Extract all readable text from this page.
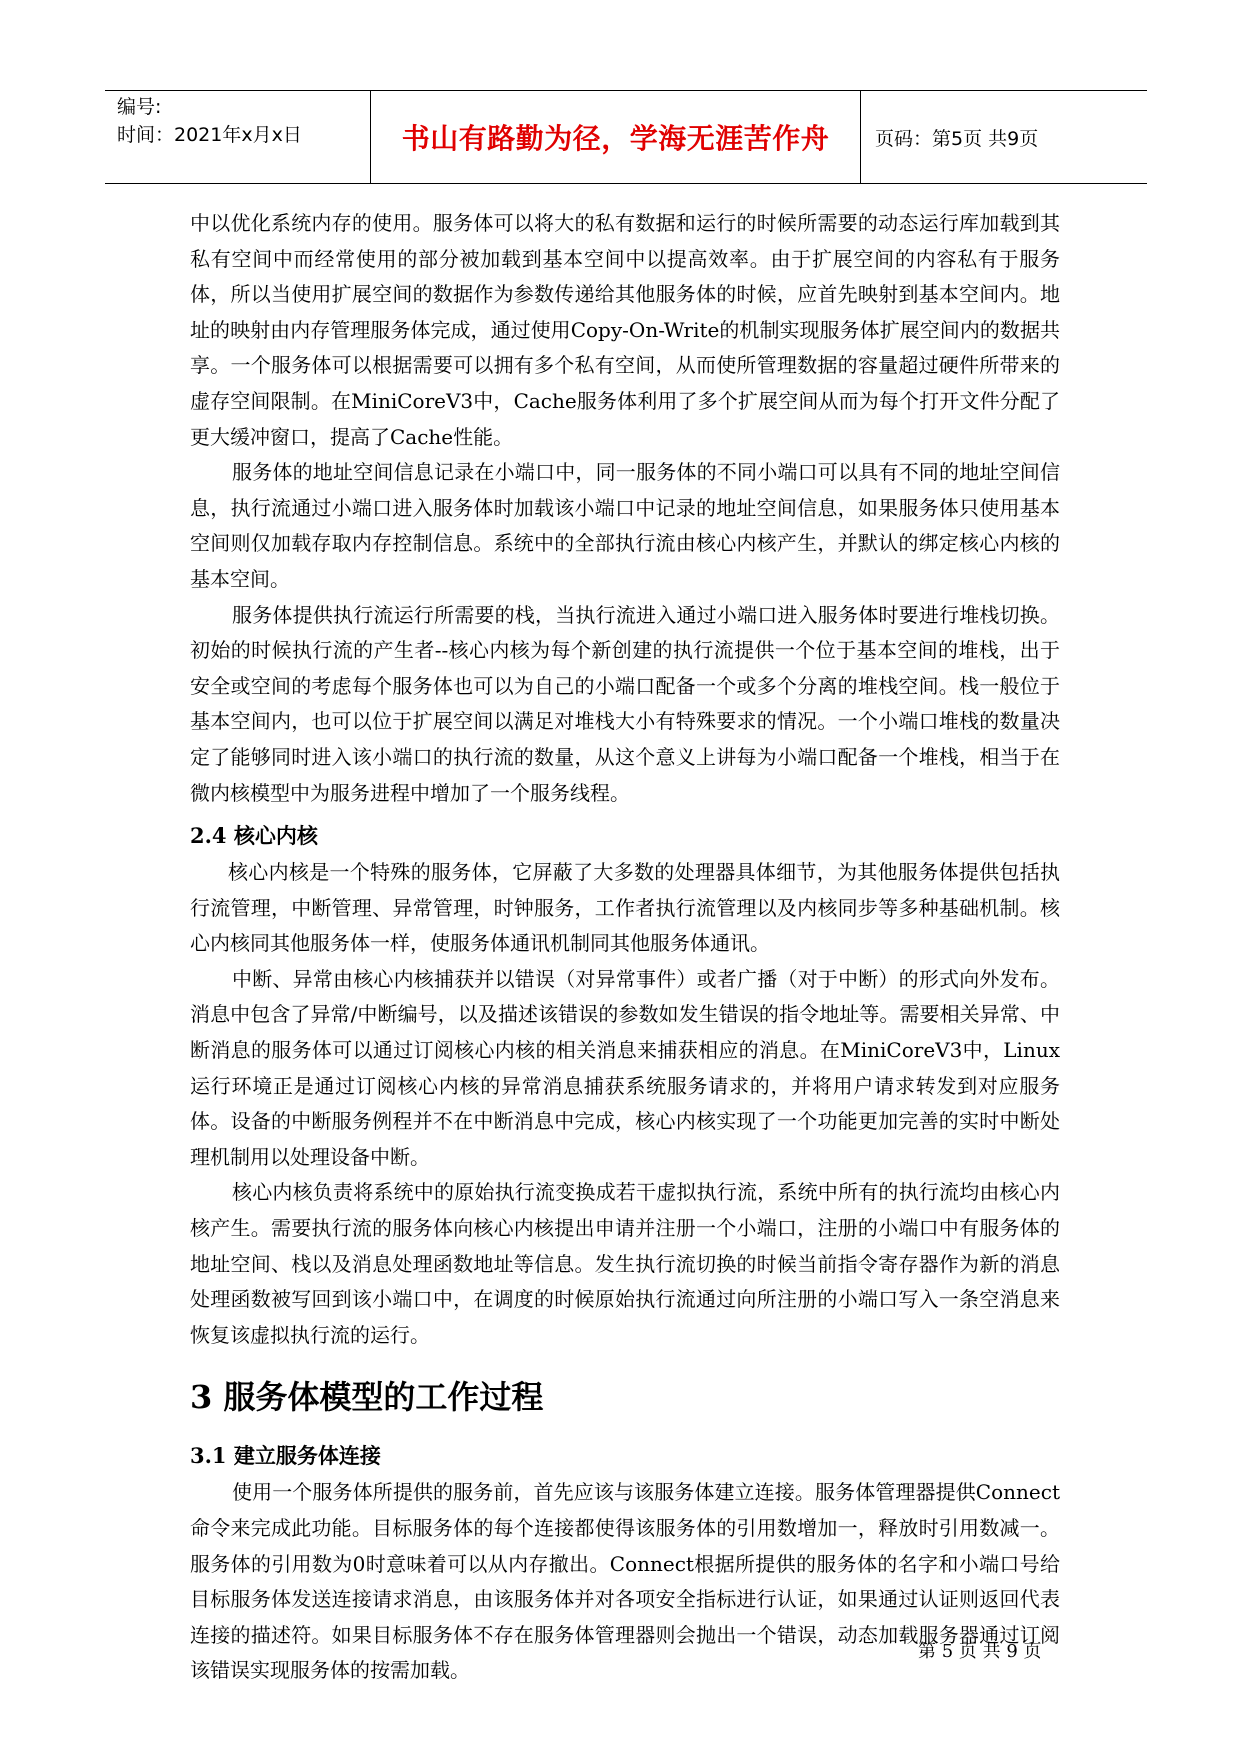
编号:
时间：2021年x月x日	书山有路勤为径，学海无涯苦作舟 页码：第5页 共9页

中以优化系统内存的使用。服务体可以将大的私有数据和运行的时候所需要的动态运行库加载到其私有空间中而经常使用的部分被加载到基本空间中以提高效率。由于扩展空间的内容私有于服务体，所以当使用扩展空间的数据作为参数传递给其他服务体的时候，应首先映射到基本空间内。地址的映射由内存管理服务体完成，通过使用Copy-On-Write的机制实现服务体扩展空间内的数据共享。一个服务体可以根据需要可以拥有多个私有空间，从而使所管理数据的容量超过硬件所带来的虚存空间限制。在MiniCoreV3中，Cache服务体利用了多个扩展空间从而为每个打开文件分配了更大缓冲窗口，提高了Cache性能。

服务体的地址空间信息记录在小端口中，同一服务体的不同小端口可以具有不同的地址空间信息，执行流通过小端口进入服务体时加载该小端口中记录的地址空间信息，如果服务体只使用基本空间则仅加载存取内存控制信息。系统中的全部执行流由核心内核产生，并默认的绑定核心内核的基本空间。

服务体提供执行流运行所需要的栈，当执行流进入通过小端口进入服务体时要进行堆栈切换。初始的时候执行流的产生者--核心内核为每个新创建的执行流提供一个位于基本空间的堆栈，出于安全或空间的考虑每个服务体也可以为自己的小端口配备一个或多个分离的堆栈空间。栈一般位于基本空间内，也可以位于扩展空间以满足对堆栈大小有特殊要求的情况。一个小端口堆栈的数量决定了能够同时进入该小端口的执行流的数量，从这个意义上讲每为小端口配备一个堆栈，相当于在微内核模型中为服务进程中增加了一个服务线程。

2.4 核心内核

核心内核是一个特殊的服务体，它屏蔽了大多数的处理器具体细节，为其他服务体提供包括执行流管理，中断管理、异常管理，时钟服务，工作者执行流管理以及内核同步等多种基础机制。核心内核同其他服务体一样，使服务体通讯机制同其他服务体通讯。

中断、异常由核心内核捕获并以错误（对异常事件）或者广播（对于中断）的形式向外发布。消息中包含了异常/中断编号，以及描述该错误的参数如发生错误的指令地址等。需要相关异常、中断消息的服务体可以通过订阅核心内核的相关消息来捕获相应的消息。在MiniCoreV3中，Linux运行环境正是通过订阅核心内核的异常消息捕获系统服务请求的，并将用户请求转发到对应服务体。设备的中断服务例程并不在中断消息中完成，核心内核实现了一个功能更加完善的实时中断处理机制用以处理设备中断。

核心内核负责将系统中的原始执行流变换成若干虚拟执行流，系统中所有的执行流均由核心内核产生。需要执行流的服务体向核心内核提出申请并注册一个小端口，注册的小端口中有服务体的地址空间、栈以及消息处理函数地址等信息。发生执行流切换的时候当前指令寄存器作为新的消息处理函数被写回到该小端口中，在调度的时候原始执行流通过向所注册的小端口写入一条空消息来恢复该虚拟执行流的运行。

3 服务体模型的工作过程
3.1 建立服务体连接

使用一个服务体所提供的服务前，首先应该与该服务体建立连接。服务体管理器提供Connect命令来完成此功能。目标服务体的每个连接都使得该服务体的引用数增加一，释放时引用数减一。服务体的引用数为0时意味着可以从内存撤出。Connect根据所提供的服务体的名字和小端口号给目标服务体发送连接请求消息，由该服务体并对各项安全指标进行认证，如果通过认证则返回代表连接的描述符。如果目标服务体不存在服务体管理器则会抛出一个错误，动态加载服务器通过订阅该错误实现服务体的按需加载。

第 5 页 共 9 页
